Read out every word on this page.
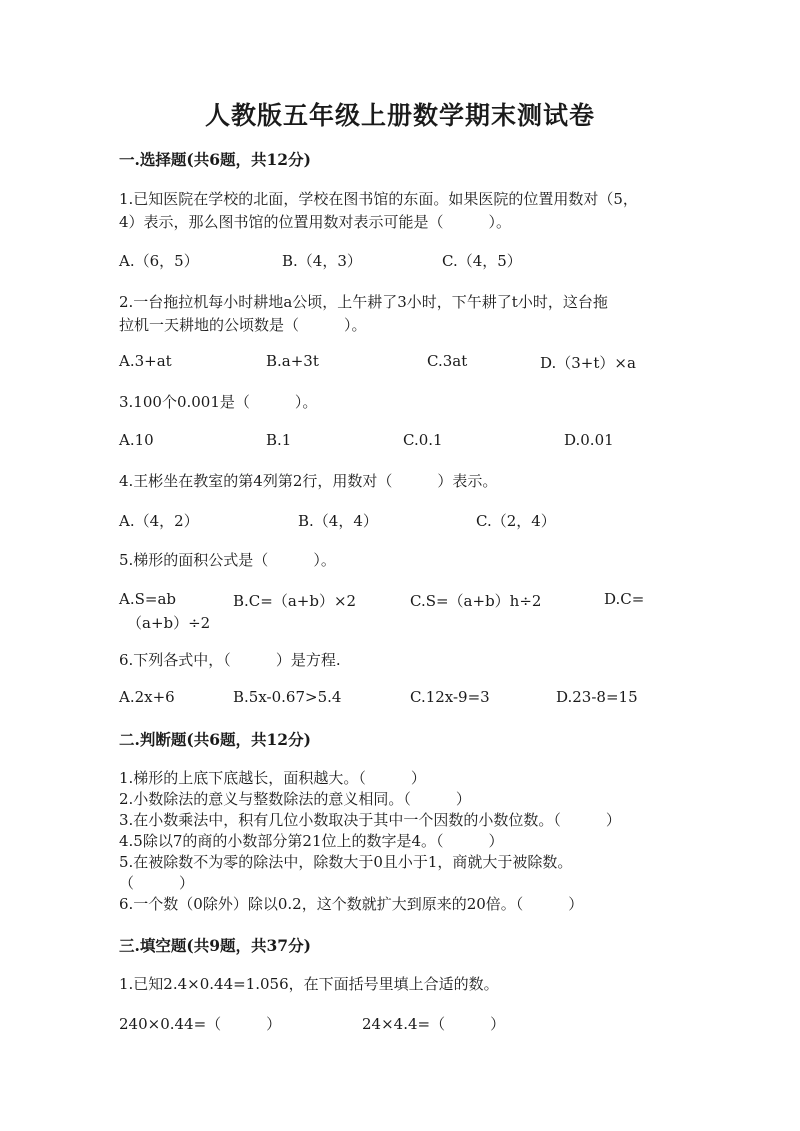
人教版五年级上册数学期末测试卷
一.选择题(共6题，共12分)
1.已知医院在学校的北面，学校在图书馆的东面。如果医院的位置用数对（5，
4）表示，那么图书馆的位置用数对表示可能是（　　　）。
A.（6，5）	B.（4，3）	C.（4，5）
2.一台拖拉机每小时耕地a公顷，上午耕了3小时，下午耕了t小时，这台拖
拉机一天耕地的公顷数是（　　　）。
A.3+at	B.a+3t	C.3at	D.（3+t）×a
3.100个0.001是（　　　）。
A.10	B.1	C.0.1	D.0.01
4.王彬坐在教室的第4列第2行，用数对（　　　）表示。
A.（4，2）	B.（4，4）	C.（2，4）
5.梯形的面积公式是（　　　）。
A.S=ab	B.C=（a+b）×2	C.S=（a+b）h÷2	D.C=
（a+b）÷2
6.下列各式中，（　　　）是方程.
A.2x+6	B.5x-0.67>5.4	C.12x-9=3	D.23-8=15
二.判断题(共6题，共12分)
1.梯形的上底下底越长，面积越大。（　　　）
2.小数除法的意义与整数除法的意义相同。（　　　）
3.在小数乘法中，积有几位小数取决于其中一个因数的小数位数。（　　　）
4.5除以7的商的小数部分第21位上的数字是4。（　　　）
5.在被除数不为零的除法中，除数大于0且小于1，商就大于被除数。
（　　　）
6.一个数（0除外）除以0.2，这个数就扩大到原来的20倍。（　　　）
三.填空题(共9题，共37分)
1.已知2.4×0.44=1.056，在下面括号里填上合适的数。
240×0.44=（　　　）	24×4.4=（　　　）
